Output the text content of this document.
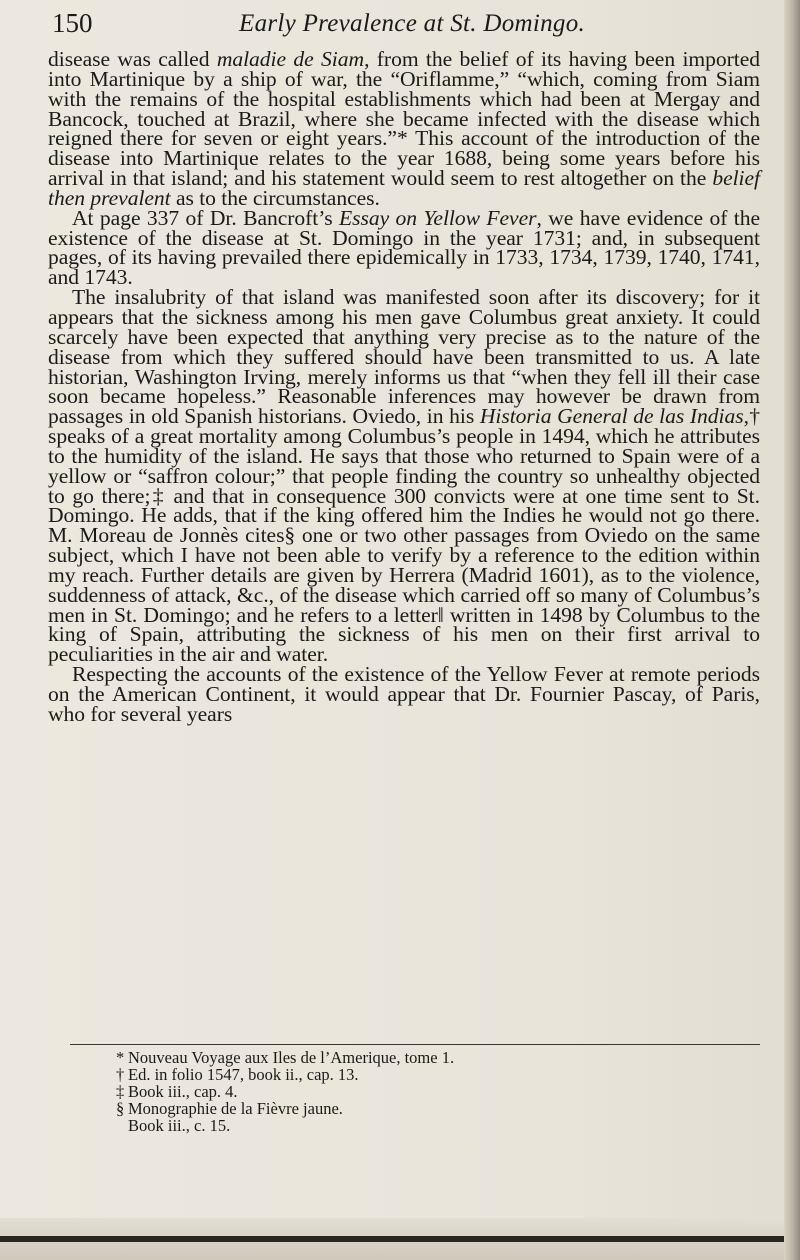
150	Early Prevalence at St. Domingo.

disease was called maladie de Siam, from the belief of its having been imported into Martinique by a ship of war, the “Oriflamme,” “which, coming from Siam with the remains of the hospital establishments which had been at Mergay and Bancock, touched at Brazil, where she became infected with the disease which reigned there for seven or eight years.”* This account of the introduction of the disease into Martinique relates to the year 1688, being some years before his arrival in that island; and his statement would seem to rest altogether on the belief then prevalent as to the circumstances.

At page 337 of Dr. Bancroft’s Essay on Yellow Fever, we have evidence of the existence of the disease at St. Domingo in the year 1731; and, in subsequent pages, of its having prevailed there epidemically in 1733, 1734, 1739, 1740, 1741, and 1743.

The insalubrity of that island was manifested soon after its discovery; for it appears that the sickness among his men gave Columbus great anxiety. It could scarcely have been expected that anything very precise as to the nature of the disease from which they suffered should have been transmitted to us. A late historian, Washington Irving, merely informs us that “when they fell ill their case soon became hopeless.” Reasonable inferences may however be drawn from passages in old Spanish historians. Oviedo, in his Historia General de las Indias,† speaks of a great mortality among Columbus’s people in 1494, which he attributes to the humidity of the island. He says that those who returned to Spain were of a yellow or “saffron colour;” that people finding the country so unhealthy objected to go there;‡ and that in consequence 300 convicts were at one time sent to St. Domingo. He adds, that if the king offered him the Indies he would not go there. M. Moreau de Jonnès cites§ one or two other passages from Oviedo on the same subject, which I have not been able to verify by a reference to the edition within my reach. Further details are given by Herrera (Madrid 1601), as to the violence, suddenness of attack, &c., of the disease which carried off so many of Columbus’s men in St. Domingo; and he refers to a letter‖ written in 1498 by Columbus to the king of Spain, attributing the sickness of his men on their first arrival to peculiarities in the air and water.

Respecting the accounts of the existence of the Yellow Fever at remote periods on the American Continent, it would appear that Dr. Fournier Pascay, of Paris, who for several years

* Nouveau Voyage aux Iles de l’Amerique, tome 1.

† Ed. in folio 1547, book ii., cap. 13.

‡ Book iii., cap. 4.

§ Monographie de la Fièvre jaune.

Book iii., c. 15.
